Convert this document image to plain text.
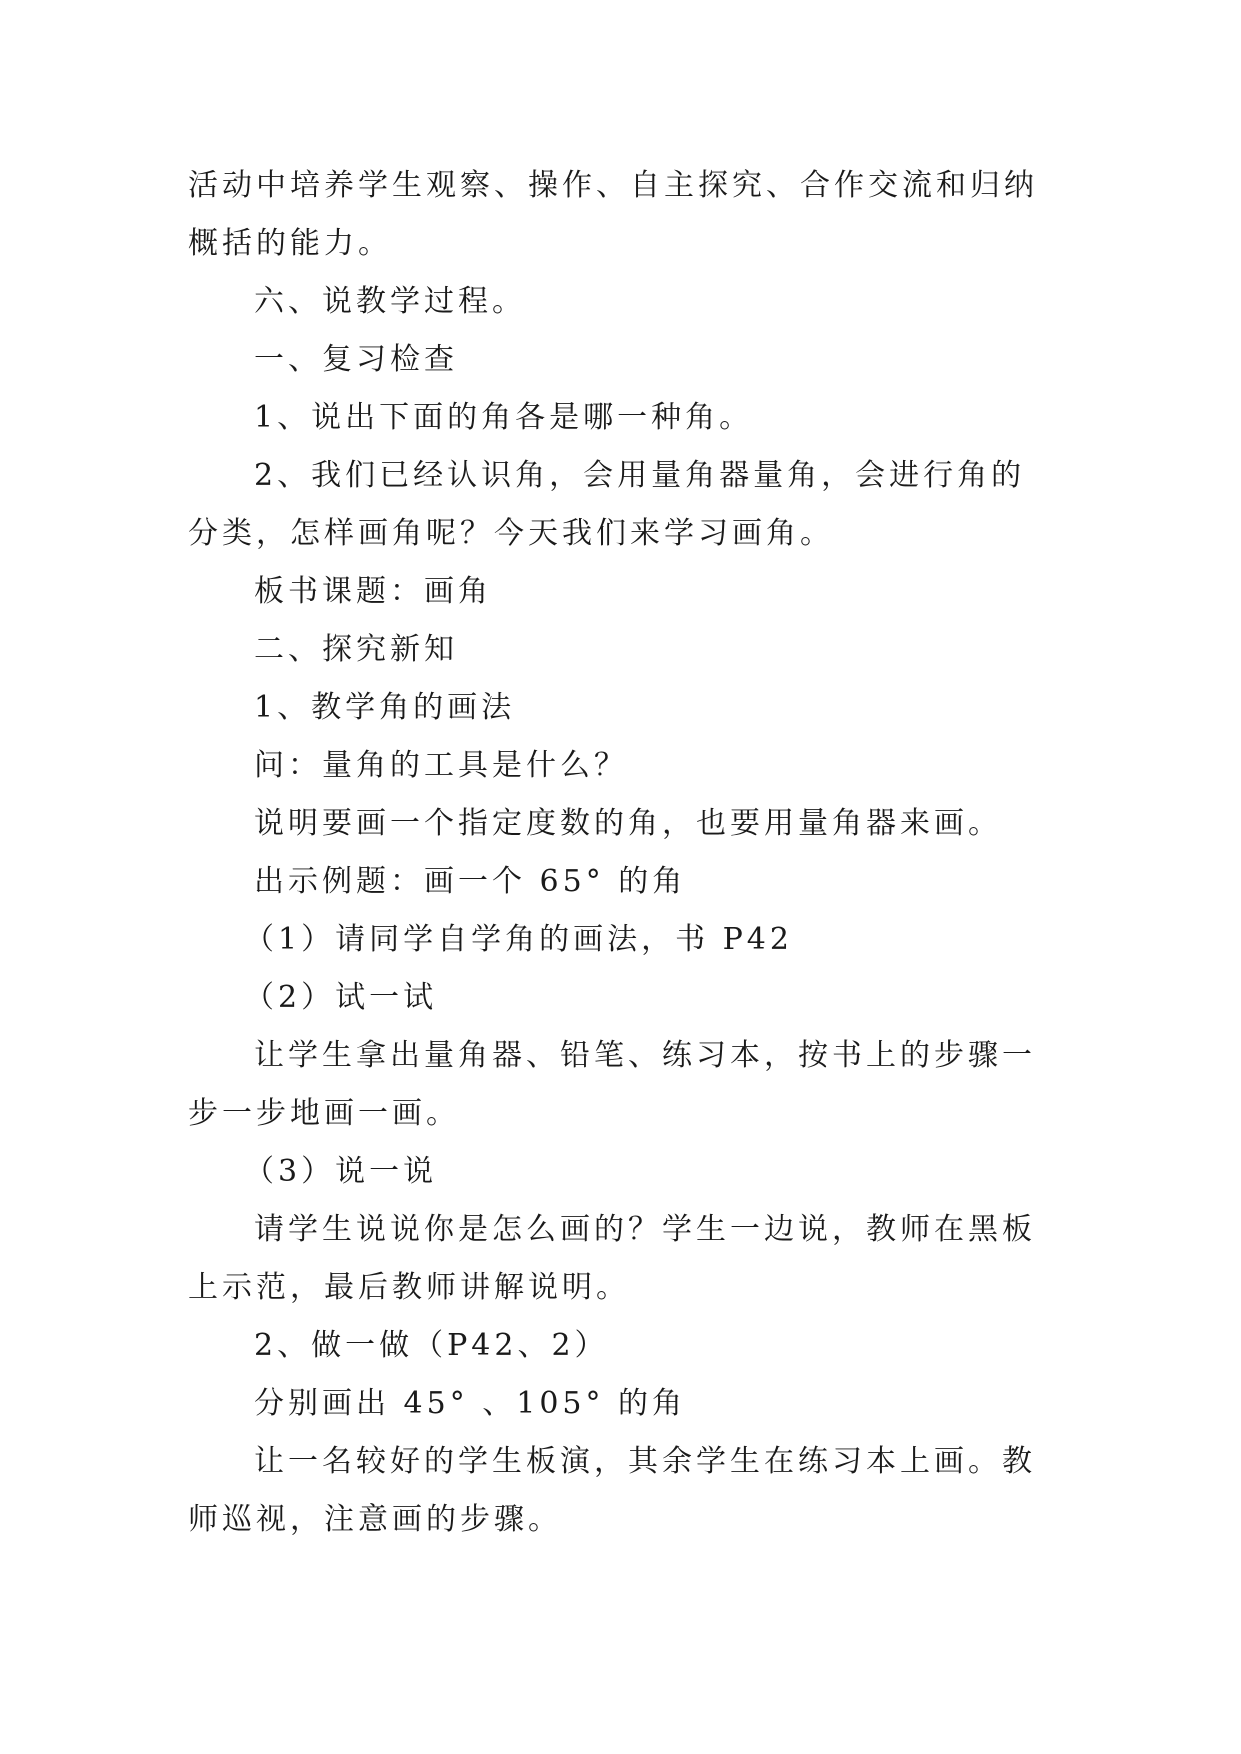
活动中培养学生观察、操作、自主探究、合作交流和归纳概括的能力。

六、说教学过程。

一、复习检查

1、说出下面的角各是哪一种角。

2、我们已经认识角，会用量角器量角，会进行角的分类，怎样画角呢？今天我们来学习画角。

板书课题：画角

二、探究新知

1、教学角的画法

问：量角的工具是什么？

说明要画一个指定度数的角，也要用量角器来画。

出示例题：画一个 65° 的角

（1）请同学自学角的画法，书 P42

（2）试一试

让学生拿出量角器、铅笔、练习本，按书上的步骤一步一步地画一画。

（3）说一说

请学生说说你是怎么画的？学生一边说，教师在黑板上示范，最后教师讲解说明。

2、做一做（P42、2）

分别画出 45° 、105° 的角

让一名较好的学生板演，其余学生在练习本上画。教师巡视，注意画的步骤。
